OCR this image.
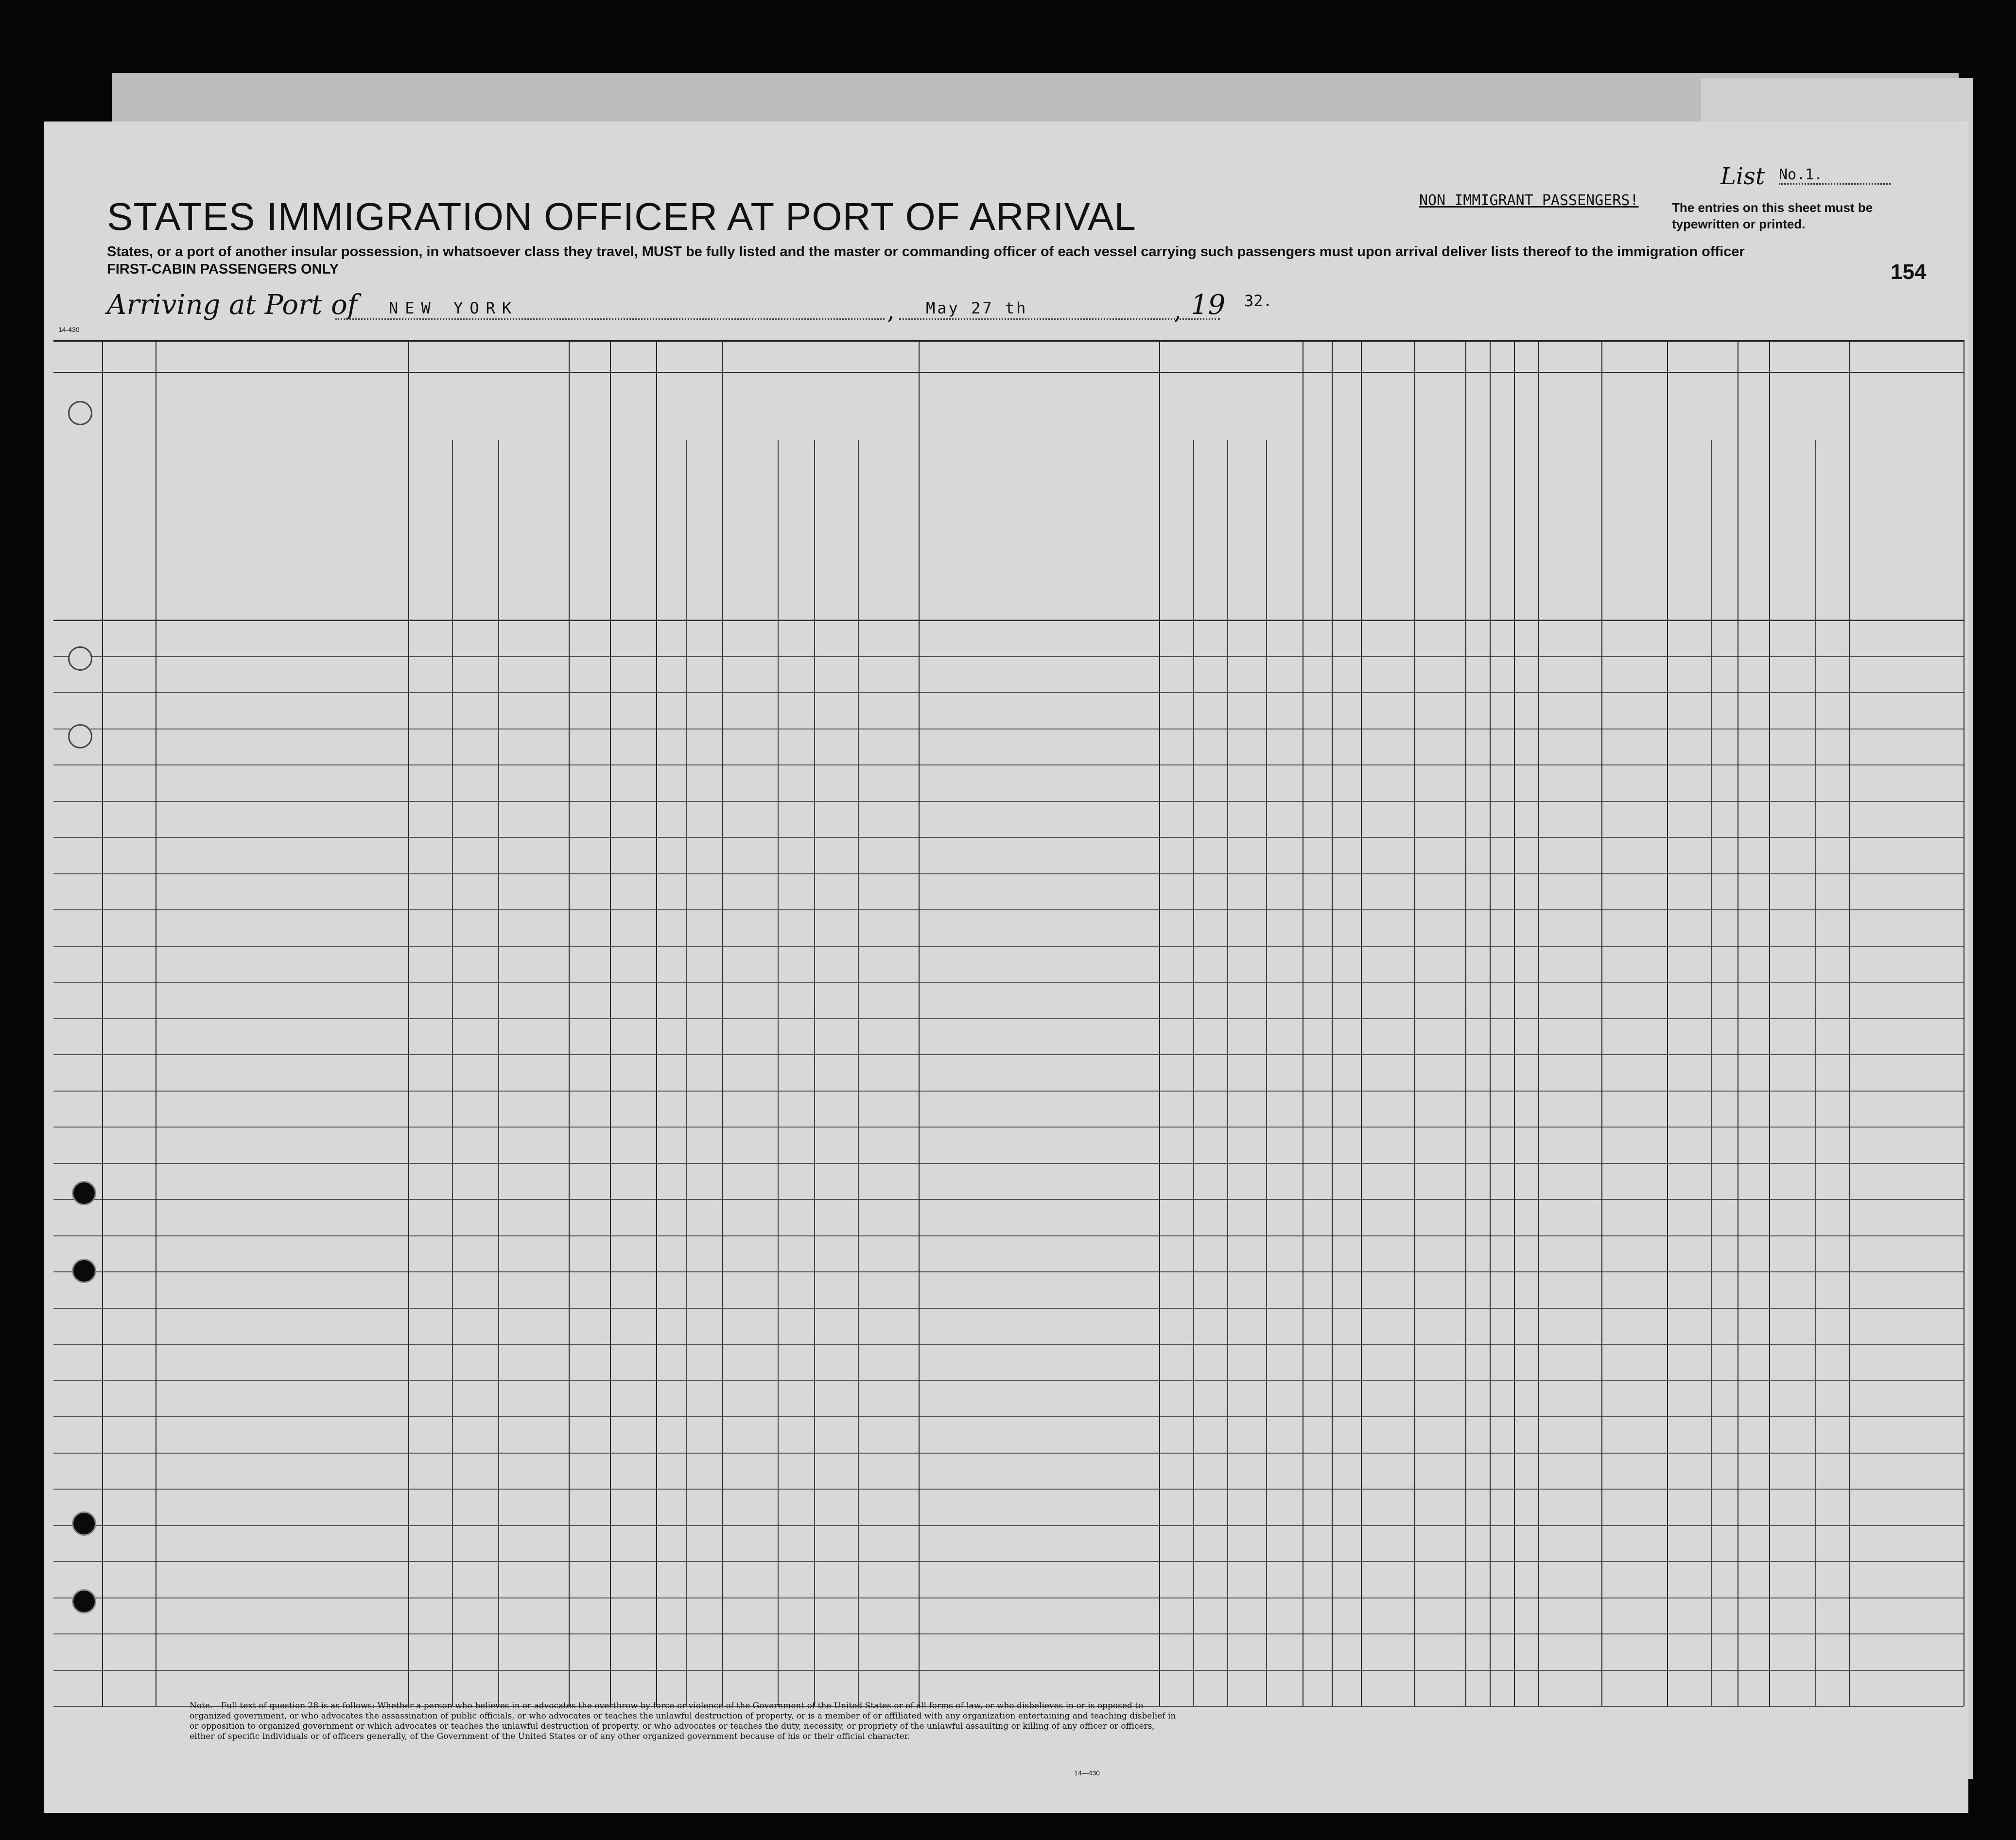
List No.1.
NON IMMIGRANT PASSENGERS!	The entries on this sheet must be typewritten or printed.
STATES IMMIGRATION OFFICER AT PORT OF ARRIVAL
States, or a port of another insular possession, in whatsoever class they travel, MUST be fully listed and the master or commanding officer of each vessel carrying such passengers must upon arrival deliver lists thereof to the immigration officer
FIRST-CABIN PASSENGERS ONLY	154
Arriving at Port of NEW YORK	, May 27 th	, 19 32.
14-430
Note.—Full text of question 28 is as follows: Whether a person who believes in or advocates the overthrow by force or violence of the Government of the United States or of all forms of law, or who disbelieves in or is opposed to organized government, or who advocates the assassination of public officials, or who advocates or teaches the unlawful destruction of property, or is a member of or affiliated with any organization entertaining and teaching disbelief in or opposition to organized government or which advocates or teaches the unlawful destruction of property, or who advocates or teaches the duty, necessity, or propriety of the unlawful assaulting or killing of any officer or officers, either of specific individuals or of officers generally, of the Government of the United States or of any other organized government because of his or their official character.
14—430
